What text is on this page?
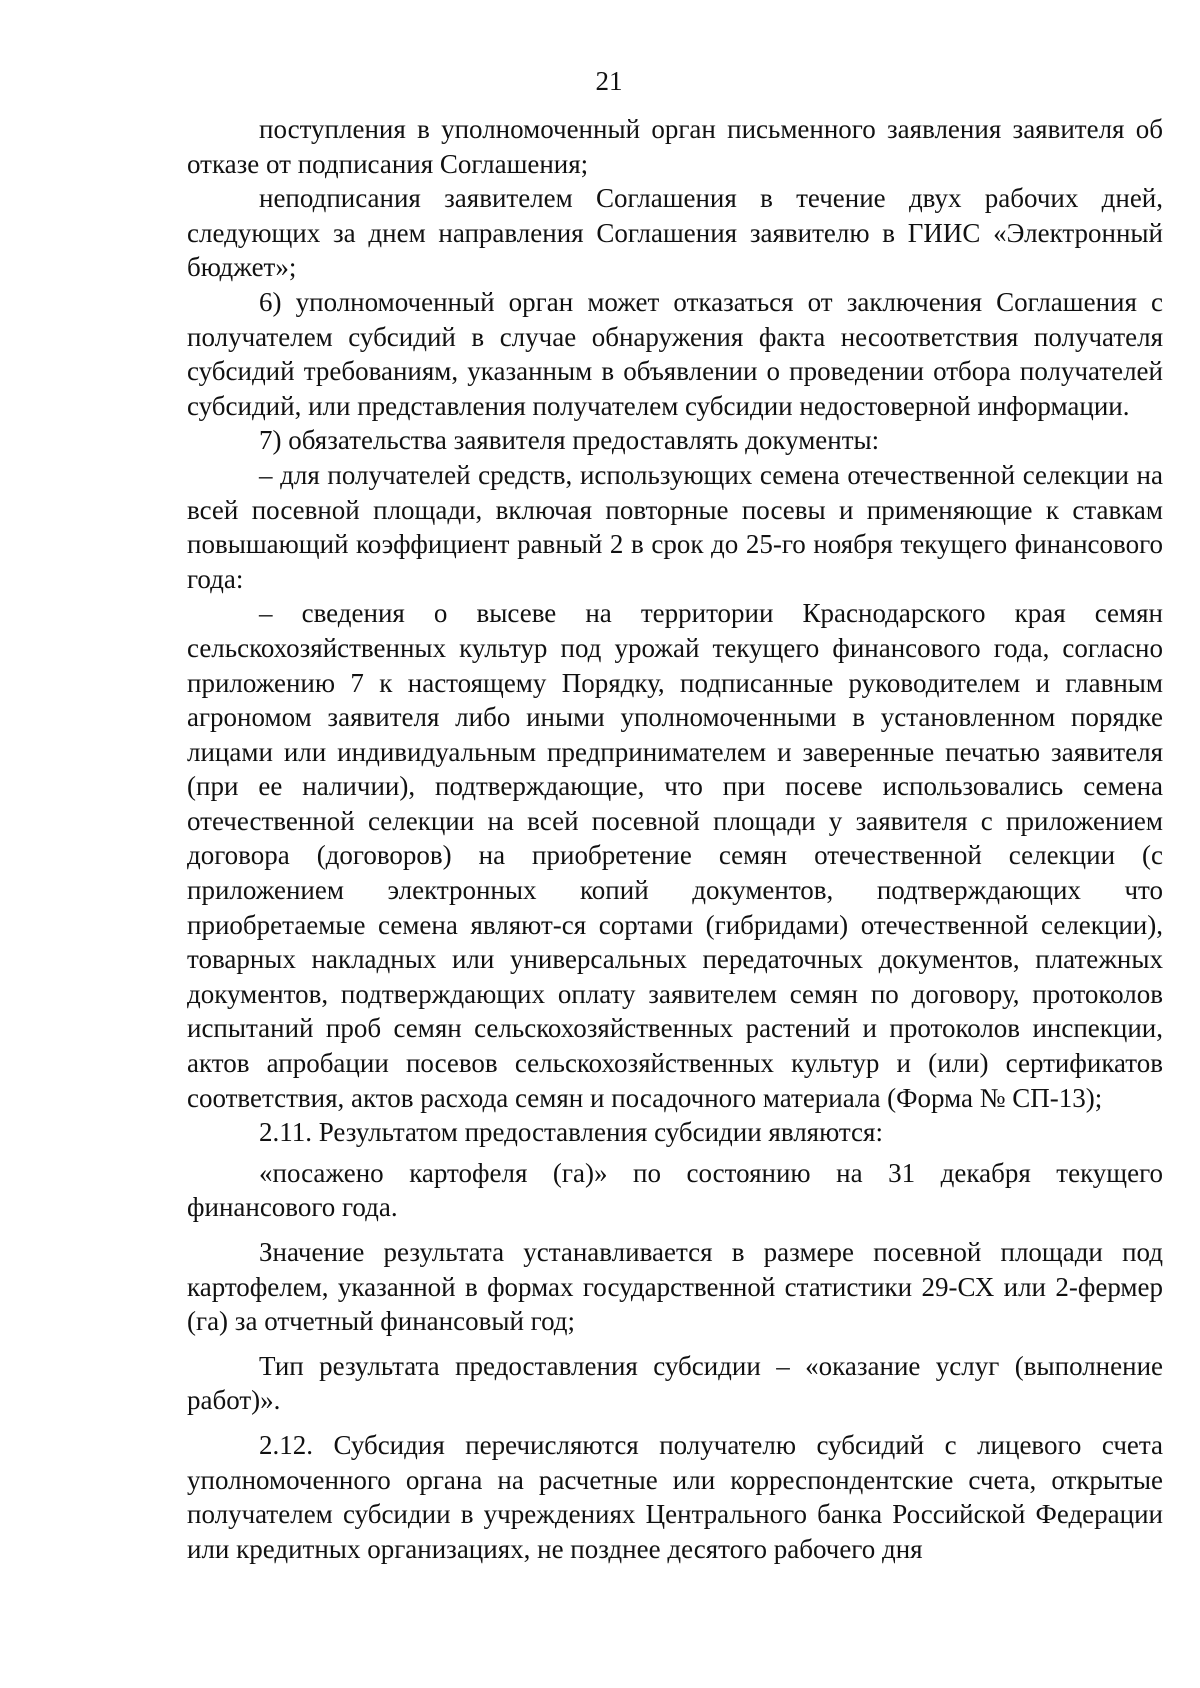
21

поступления в уполномоченный орган письменного заявления заявителя об отказе от подписания Соглашения;

неподписания заявителем Соглашения в течение двух рабочих дней, следующих за днем направления Соглашения заявителю в ГИИС «Электронный бюджет»;

6) уполномоченный орган может отказаться от заключения Соглашения с получателем субсидий в случае обнаружения факта несоответствия получателя субсидий требованиям, указанным в объявлении о проведении отбора получателей субсидий, или представления получателем субсидии недостоверной информации.

7) обязательства заявителя предоставлять документы:

– для получателей средств, использующих семена отечественной селекции на всей посевной площади, включая повторные посевы и применяющие к ставкам повышающий коэффициент равный 2 в срок до 25-го ноября текущего финансового года:

– сведения о высеве на территории Краснодарского края семян сельскохозяйственных культур под урожай текущего финансового года, согласно приложению 7 к настоящему Порядку, подписанные руководителем и главным агрономом заявителя либо иными уполномоченными в установленном порядке лицами или индивидуальным предпринимателем и заверенные печатью заявителя (при ее наличии), подтверждающие, что при посеве использовались семена отечественной селекции на всей посевной площади у заявителя с приложением договора (договоров) на приобретение семян отечественной селекции (с приложением электронных копий документов, подтверждающих что приобретаемые семена являют-ся сортами (гибридами) отечественной селекции), товарных накладных или универсальных передаточных документов, платежных документов, подтверждающих оплату заявителем семян по договору, протоколов испытаний проб семян сельскохозяйственных растений и протоколов инспекции, актов апробации посевов сельскохозяйственных культур и (или) сертификатов соответствия, актов расхода семян и посадочного материала (Форма № СП-13);

2.11. Результатом предоставления субсидии являются:

«посажено картофеля (га)» по состоянию на 31 декабря текущего финансового года.

Значение результата устанавливается в размере посевной площади под картофелем, указанной в формах государственной статистики 29-СХ или 2-фермер (га) за отчетный финансовый год;

Тип результата предоставления субсидии – «оказание услуг (выполнение работ)».

2.12. Субсидия перечисляются получателю субсидий с лицевого счета уполномоченного органа на расчетные или корреспондентские счета, открытые получателем субсидии в учреждениях Центрального банка Российской Федерации или кредитных организациях, не позднее десятого рабочего дня
